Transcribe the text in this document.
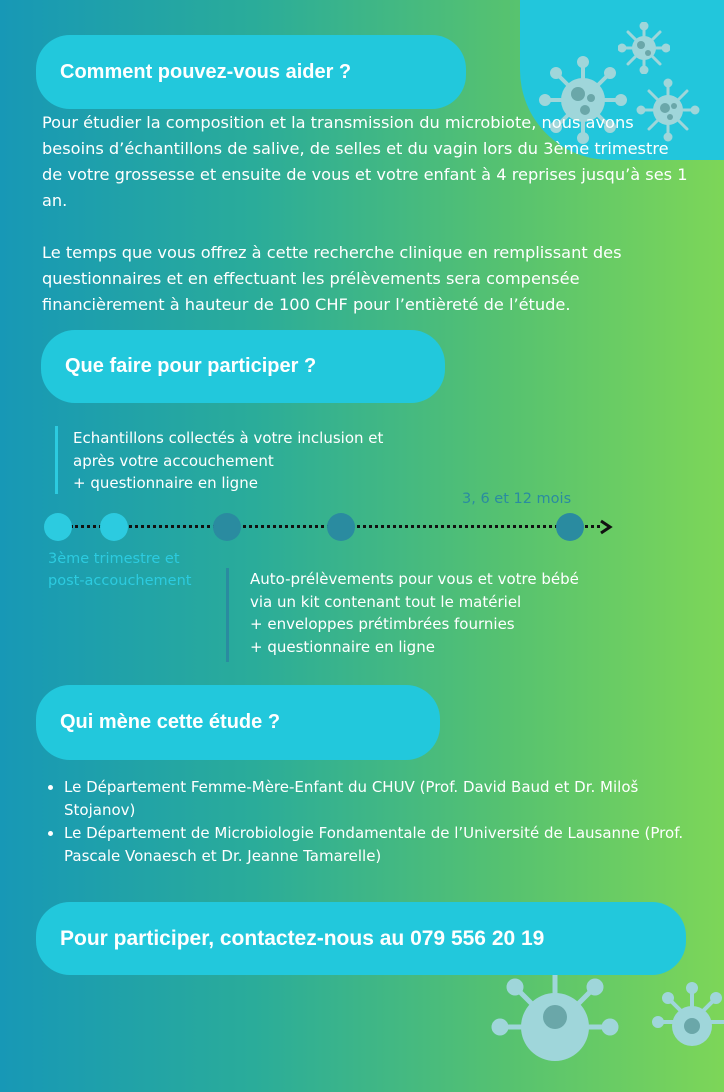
Comment pouvez-vous aider ?

Pour étudier la composition et la transmission du microbiote, nous avons besoins d’échantillons de salive, de selles et du vagin lors du 3ème trimestre de votre grossesse et ensuite de vous et votre enfant à 4 reprises jusqu’à ses 1 an.

Le temps que vous offrez à cette recherche clinique en remplissant des questionnaires et en effectuant les prélèvements sera compensée financièrement à hauteur de 100 CHF pour l’entièreté de l’étude.

Que faire pour participer ?
Echantillons collectés à votre inclusion et
après votre accouchement
+ questionnaire en ligne
3, 6 et 12 mois
3ème trimestre et
post-accouchement	Auto-prélèvements pour vous et votre bébé
via un kit contenant tout le matériel
+ enveloppes prétimbrées fournies
+ questionnaire en ligne
Qui mène cette étude ?
• Le Département Femme-Mère-Enfant du CHUV (Prof. David Baud et Dr. Miloš Stojanov)
• Le Département de Microbiologie Fondamentale de l’Université de Lausanne (Prof. Pascale Vonaesch et Dr. Jeanne Tamarelle)
Pour participer, contactez-nous au 079 556 20 19
